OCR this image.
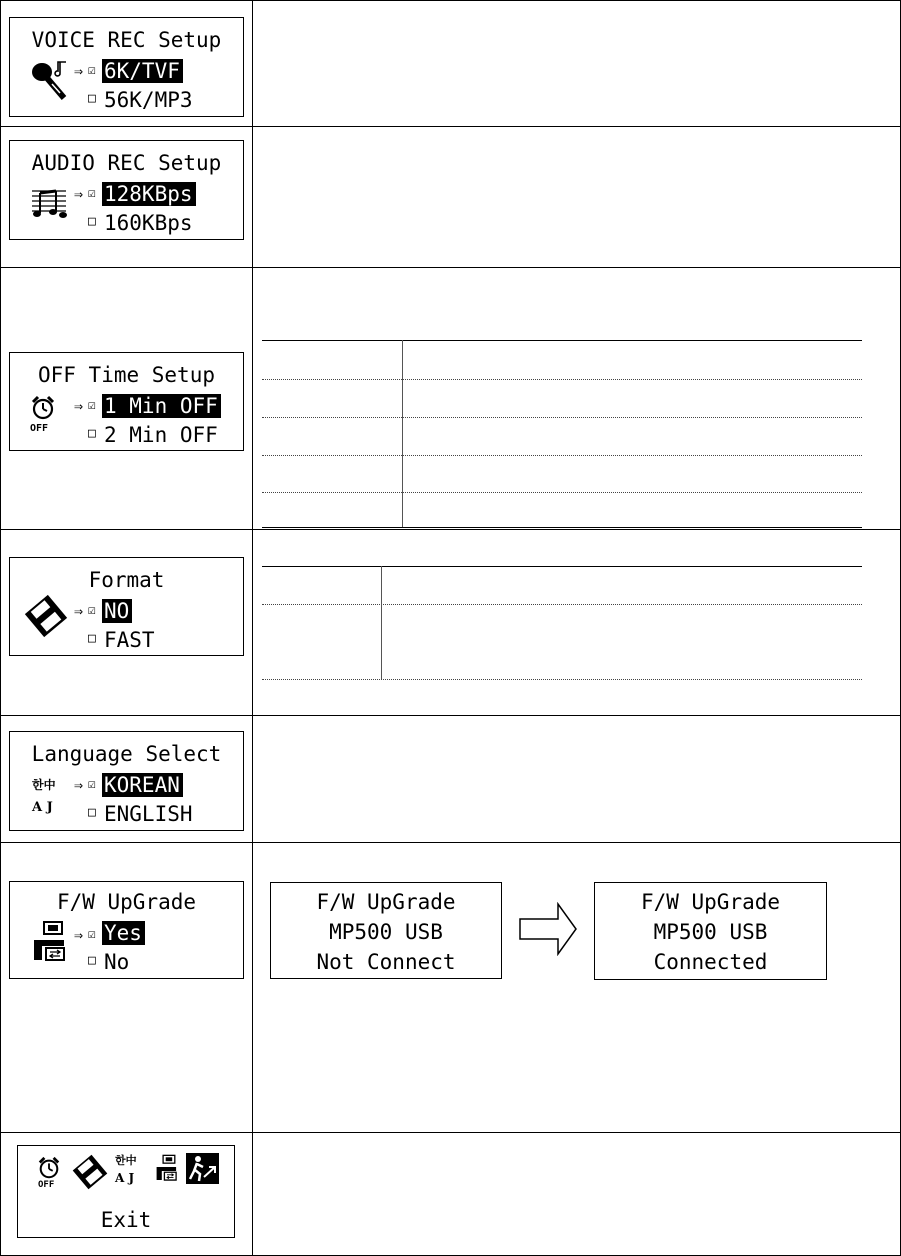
VOICE REC Setup
⇒ ☑ 6K/TVF
□ 56K/MP3
AUDIO REC Setup
⇒ ☑ 128KBps
□ 160KBps
OFF Time Setup
OFF
⇒ ☑ 1 Min OFF
□ 2 Min OFF
Format
⇒ ☑ NO
□ FAST
Language Select
한中
A J
⇒ ☑ KOREAN
□ ENGLISH
F/W UpGrade
⇒ ☑ Yes
□ No
F/W UpGrade
MP500 USB
Not Connect
F/W UpGrade
MP500 USB
Connected
OFF
한中
A J
Exit
